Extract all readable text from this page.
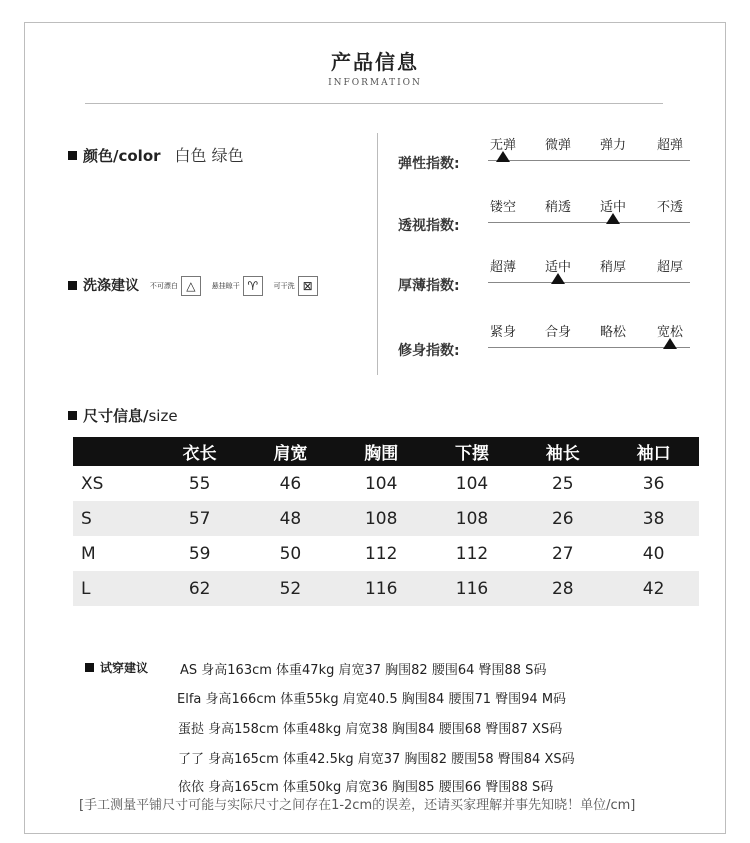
产品信息
INFORMATION
颜色/color 白色 绿色
洗涤建议 不可漂白 △ 悬挂晾干 ♈ 可干洗 ⊠
弹性指数:
无弹	微弹	弹力	超弹
透视指数:
镂空	稍透	适中	不透
厚薄指数:
超薄	适中	稍厚	超厚
修身指数:
紧身	合身	略松	宽松
尺寸信息/size
	衣长	肩宽	胸围	下摆	袖长	袖口
XS	55	46	104	104	25	36
S	57	48	108	108	26	38
M	59	50	112	112	27	40
L	62	52	116	116	28	42
试穿建议 AS 身高163cm 体重47kg 肩宽37 胸围82 腰围64 臀围88 S码
Elfa 身高166cm 体重55kg 肩宽40.5 胸围84 腰围71 臀围94 M码
蛋挞 身高158cm 体重48kg 肩宽38 胸围84 腰围68 臀围87 XS码
了了 身高165cm 体重42.5kg 肩宽37 胸围82 腰围58 臀围84 XS码
依依 身高165cm 体重50kg 肩宽36 胸围85 腰围66 臀围88 S码
[手工测量平铺尺寸可能与实际尺寸之间存在1-2cm的误差，还请买家理解并事先知晓！单位/cm]
